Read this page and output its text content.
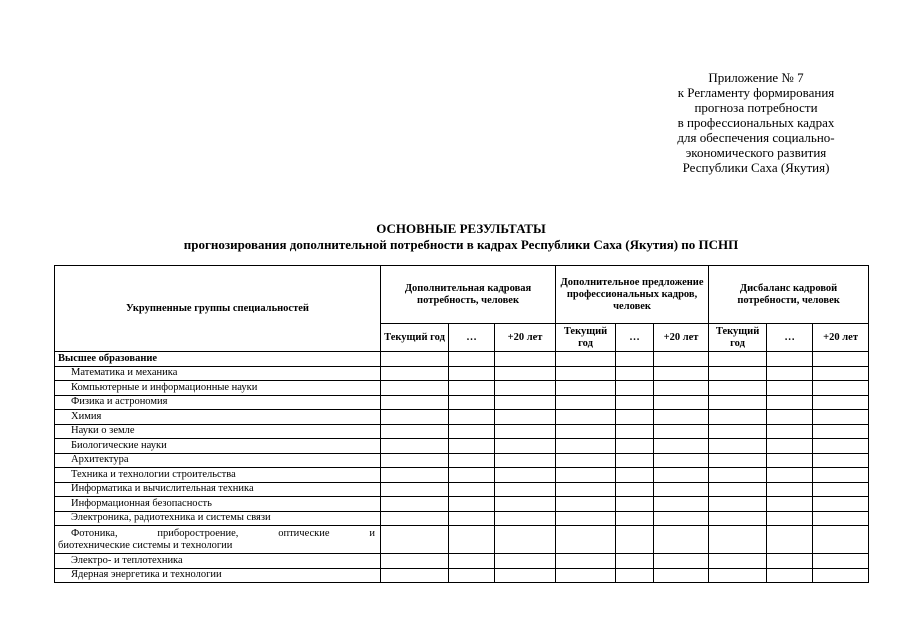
Приложение № 7
к Регламенту формирования
прогноза потребности
в профессиональных кадрах
для обеспечения социально-
экономического развития
Республики Саха (Якутия)
ОСНОВНЫЕ РЕЗУЛЬТАТЫ
прогнозирования дополнительной потребности в кадрах Республики Саха (Якутия) по ПСНП
Укрупненные группы специальностей	Дополнительная кадровая потребность, человек			Дополнительное предложение профессиональных кадров, человек			Дисбаланс кадровой потребности, человек		
	Текущий год	…	+20 лет	Текущий год	…	+20 лет	Текущий год	…	+20 лет
Высшее образование									
Математика и механика									
Компьютерные и информационные науки									
Физика и астрономия									
Химия									
Науки о земле									
Биологические науки									
Архитектура									
Техника и технологии строительства									
Информатика и вычислительная техника									
Информационная безопасность									
Электроника, радиотехника и системы связи									

Фотоника, приборостроение, оптические и
биотехнические системы и технологии									

Электро- и теплотехника									
Ядерная энергетика и технологии									
